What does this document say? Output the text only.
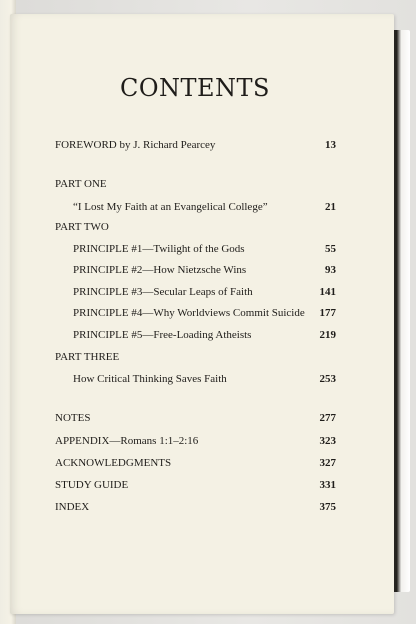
CONTENTS
FOREWORD by J. Richard Pearcey	13
PART ONE
“I Lost My Faith at an Evangelical College”	21
PART TWO
PRINCIPLE #1—Twilight of the Gods	55
PRINCIPLE #2—How Nietzsche Wins	93
PRINCIPLE #3—Secular Leaps of Faith	141
PRINCIPLE #4—Why Worldviews Commit Suicide 177
PRINCIPLE #5—Free-Loading Atheists	219
PART THREE
How Critical Thinking Saves Faith	253
NOTES	277
APPENDIX—Romans 1:1–2:16	323
ACKNOWLEDGMENTS	327
STUDY GUIDE	331
INDEX	375
